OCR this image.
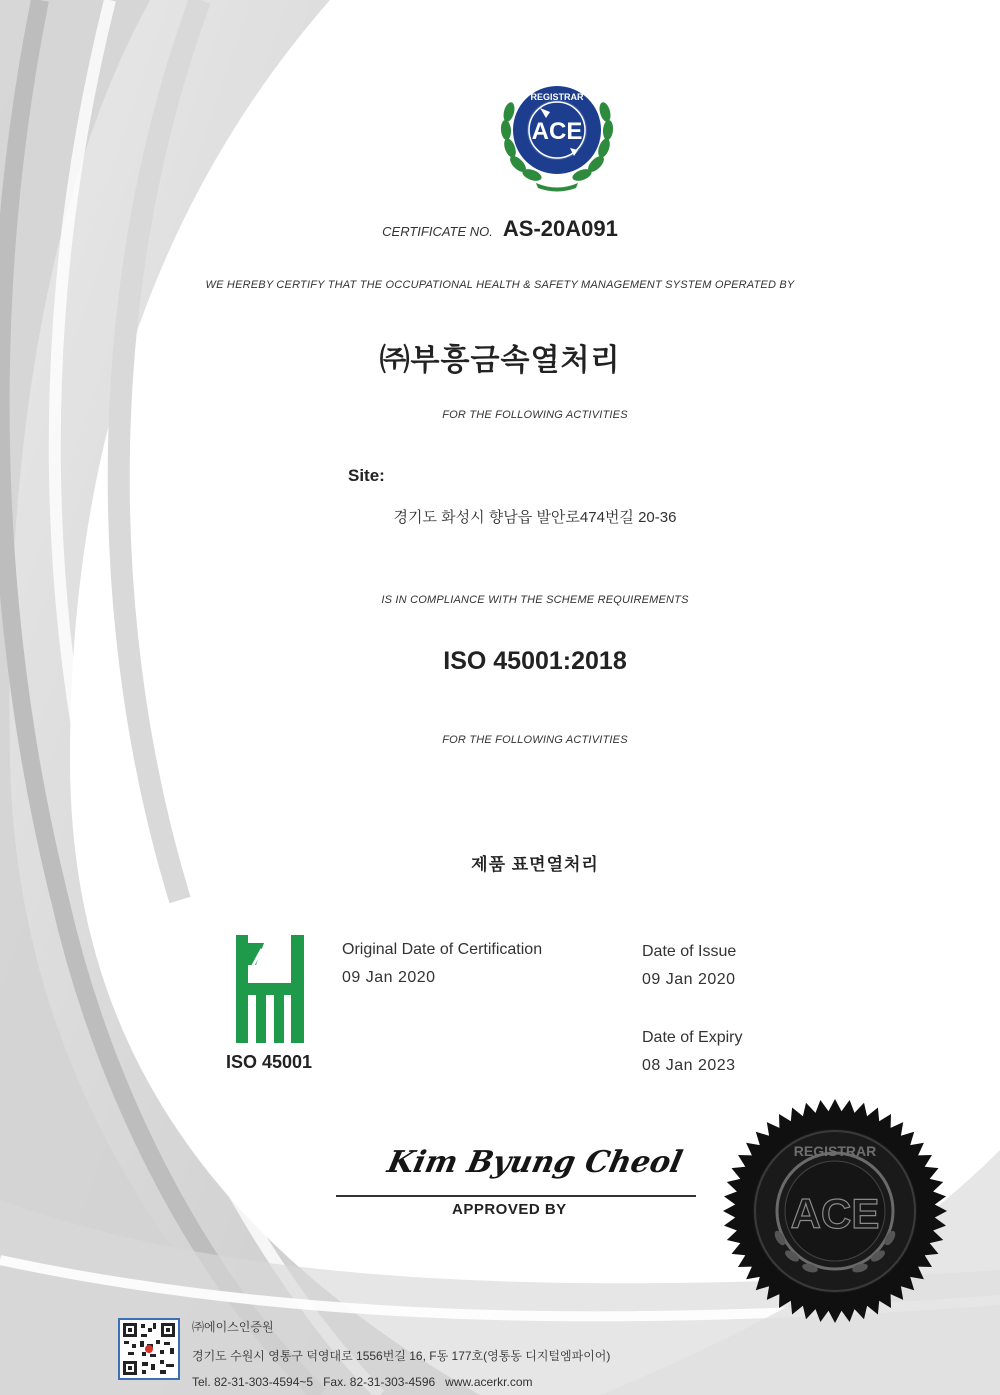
REGISTRAR
ACE
CERTIFICATE NO. AS-20A091
WE HEREBY CERTIFY THAT THE OCCUPATIONAL HEALTH & SAFETY MANAGEMENT SYSTEM OPERATED BY
㈜부흥금속열처리
FOR THE FOLLOWING ACTIVITIES
Site:
경기도 화성시 향남읍 발안로474번길 20-36
IS IN COMPLIANCE WITH THE SCHEME REQUIREMENTS
ISO 45001:2018
FOR THE FOLLOWING ACTIVITIES
제품 표면열처리
ISO 45001
Original Date of Certification
09 Jan 2020
Date of Issue
09 Jan 2020
Date of Expiry
08 Jan 2023
Kim Byung Cheol
APPROVED BY
REGISTRAR
ACE
㈜에이스인증원
경기도 수원시 영통구 덕영대로 1556번길 16, F동 177호(영통동 디지털엠파이어)
Tel. 82-31-303-4594~5   Fax. 82-31-303-4596   www.acerkr.com
